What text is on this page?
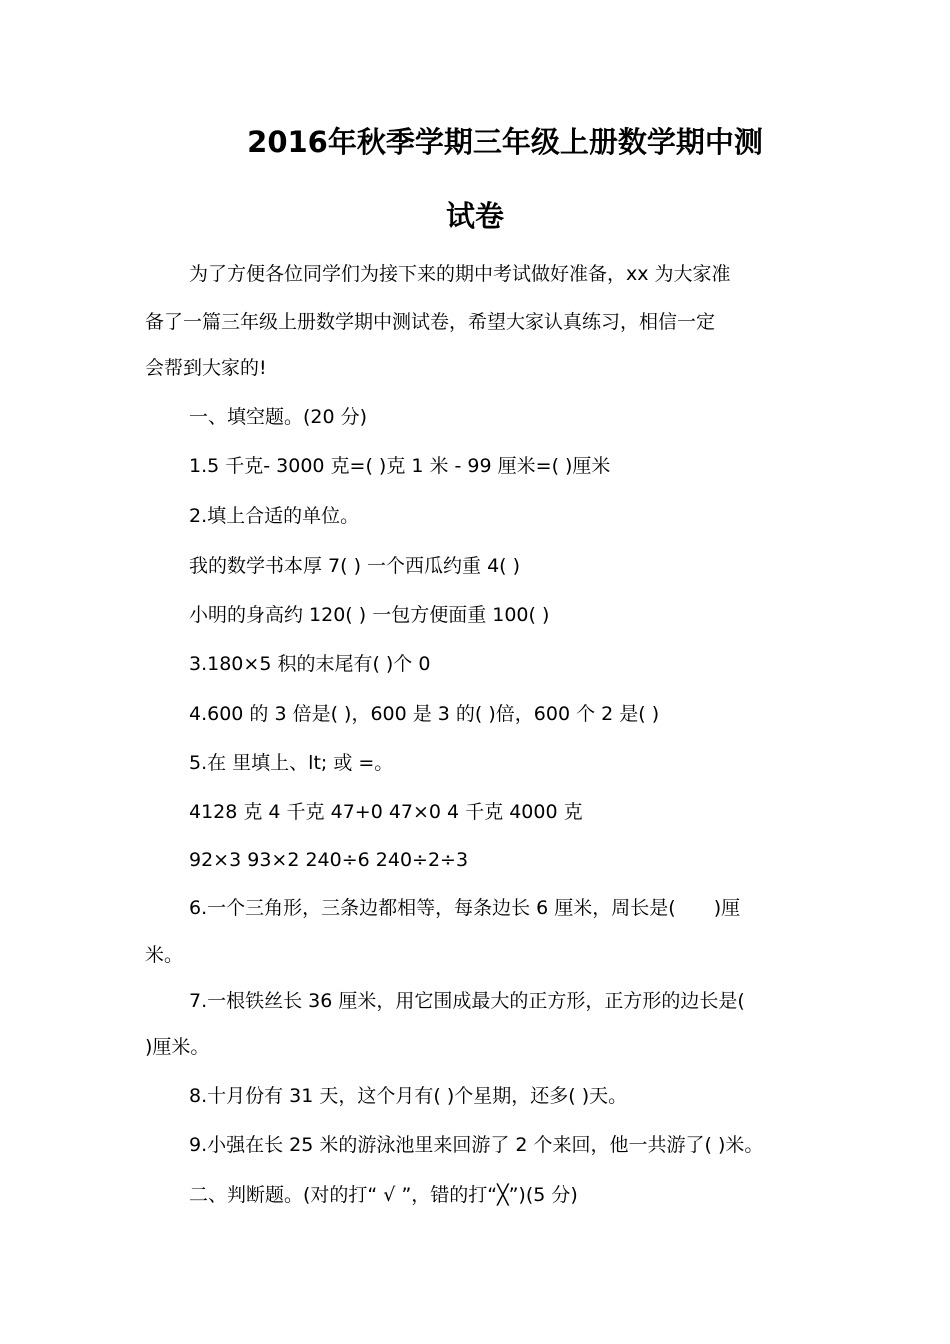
2016年秋季学期三年级上册数学期中测
试卷
为了方便各位同学们为接下来的期中考试做好准备，xx 为大家准
备了一篇三年级上册数学期中测试卷，希望大家认真练习，相信一定
会帮到大家的!
一、填空题。(20 分)
1.5 千克- 3000 克=( )克 1 米 - 99 厘米=( )厘米
2.填上合适的单位。
我的数学书本厚 7( ) 一个西瓜约重 4( )
小明的身高约 120( ) 一包方便面重 100( )
3.180×5 积的末尾有( )个 0
4.600 的 3 倍是( )，600 是 3 的( )倍，600 个 2 是( )
5.在 里填上、lt; 或 =。
4128 克 4 千克 47+0 47×0 4 千克 4000 克
92×3 93×2 240÷6 240÷2÷3
6.一个三角形，三条边都相等，每条边长 6 厘米，周长是(　　)厘
米。
7.一根铁丝长 36 厘米，用它围成最大的正方形，正方形的边长是(
)厘米。
8.十月份有 31 天，这个月有( )个星期，还多( )天。
9.小强在长 25 米的游泳池里来回游了 2 个来回，他一共游了( )米。
二、判断题。(对的打“ √ ”，错的打“╳”)(5 分)
